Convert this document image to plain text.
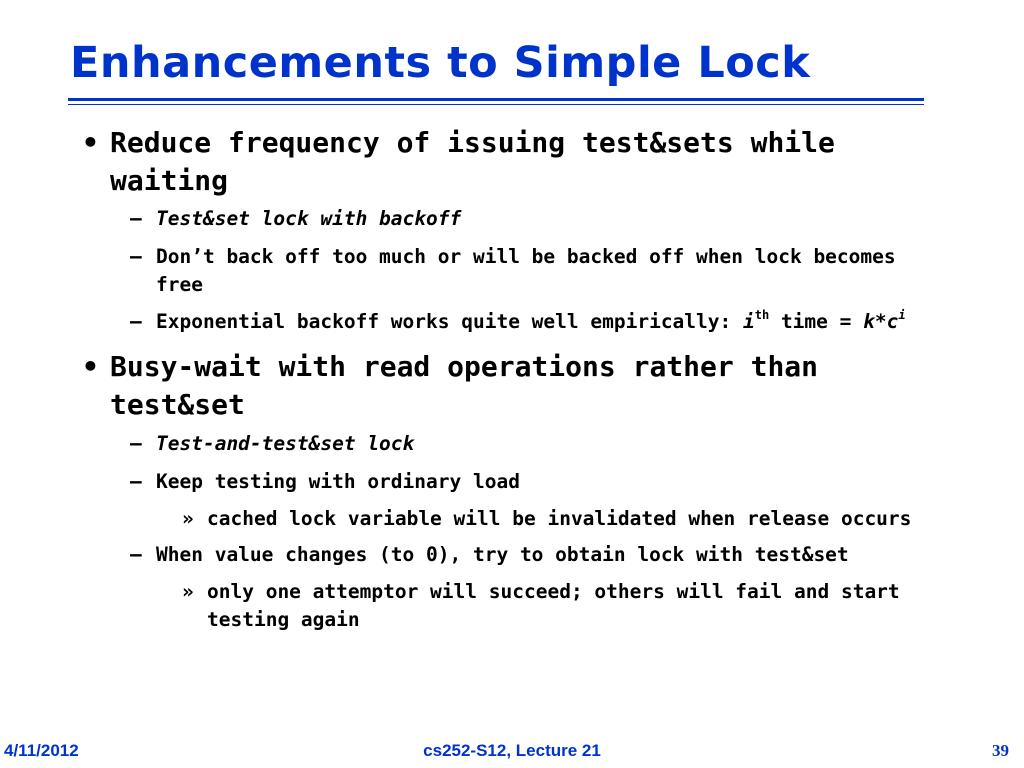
Enhancements to Simple Lock
• Reduce frequency of issuing test&sets while waiting
– Test&set lock with backoff
– Don’t back off too much or will be backed off when lock becomes free
– Exponential backoff works quite well empirically: $i^{th}$ time = $k*c^i$
• Busy-wait with read operations rather than test&set
– Test-and-test&set lock
– Keep testing with ordinary load
» cached lock variable will be invalidated when release occurs
– When value changes (to 0), try to obtain lock with test&set
» only one attemptor will succeed; others will fail and start testing again
4/11/2012	cs252-S12, Lecture 21	39
